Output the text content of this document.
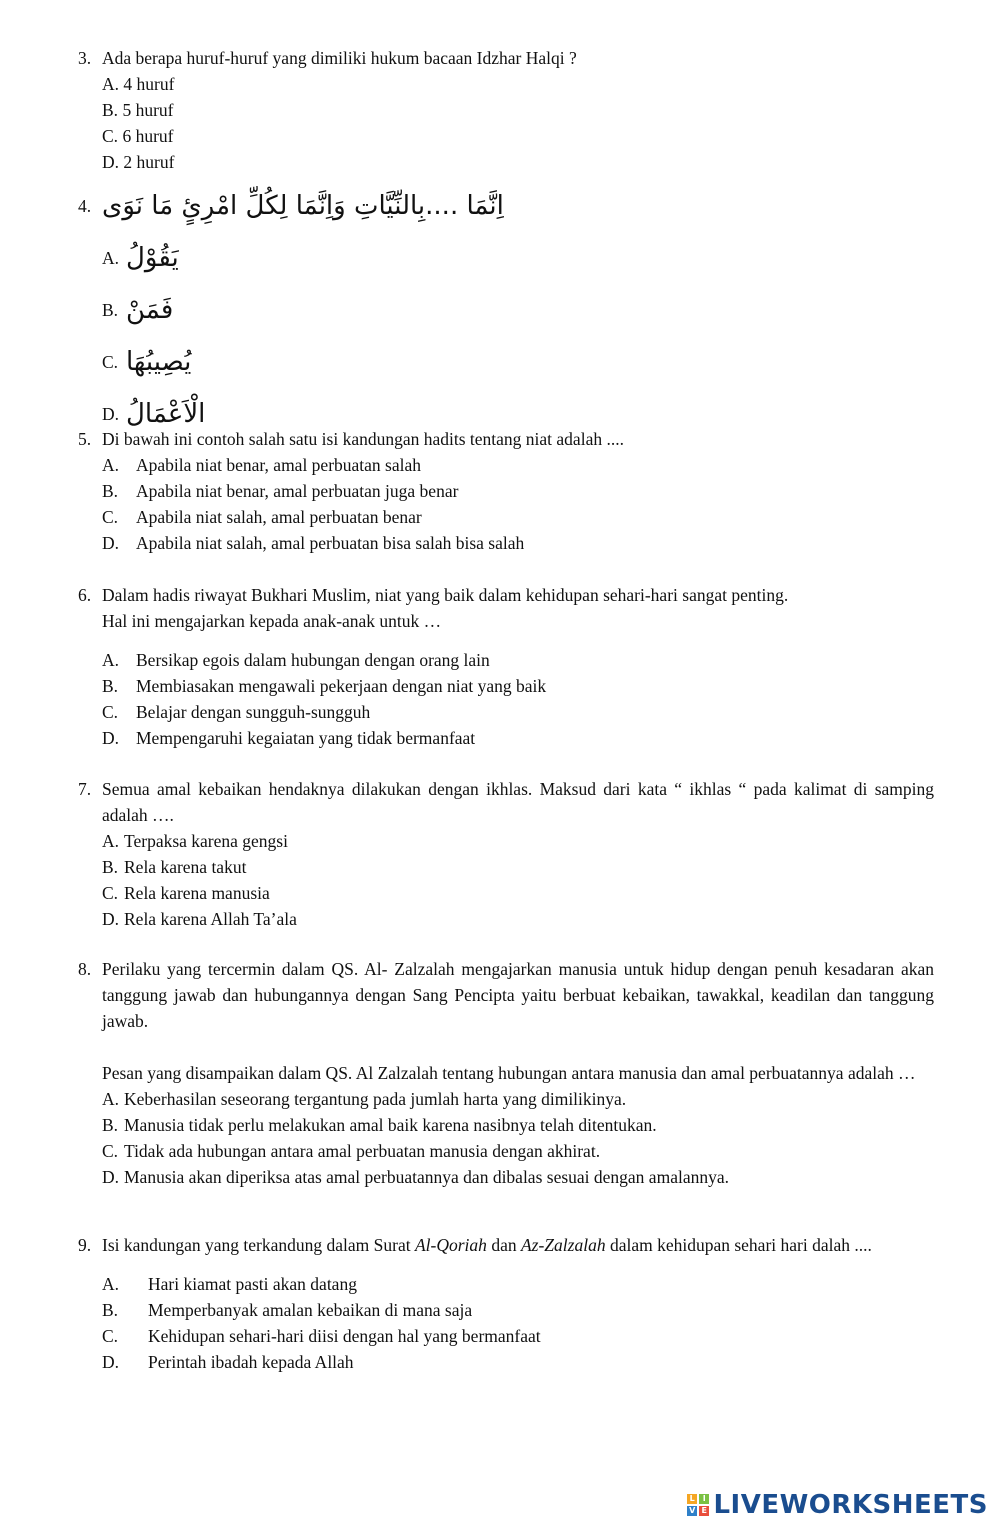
3. Ada berapa huruf-huruf yang dimiliki hukum bacaan Idzhar Halqi ?
A.
4 huruf
B.
5 huruf
C.
6 huruf
D.
2 huruf
4. اِنَّمَا ....بِالنِّيَّاتِ وَاِنَّمَا لِكُلِّ امْرِئٍ مَا نَوَى
A. يَقُوْلُ
B. فَمَنْ
C. يُصِيبُهَا
D. الْاَعْمَالُ
5. Di bawah ini contoh salah satu isi kandungan hadits tentang niat adalah ....
A. Apabila niat benar, amal perbuatan salah
B.	Apabila niat benar, amal perbuatan juga benar
C.	Apabila niat salah, amal perbuatan benar
D. Apabila niat salah, amal perbuatan bisa salah bisa salah
6. Dalam hadis riwayat Bukhari Muslim, niat yang baik dalam kehidupan sehari-hari sangat penting.
Hal ini mengajarkan kepada anak-anak untuk …
A. Bersikap egois dalam hubungan dengan orang lain
B.	Membiasakan mengawali pekerjaan dengan niat yang baik
C.	Belajar dengan sungguh-sungguh
D. Mempengaruhi kegaiatan yang tidak bermanfaat
7. Semua amal kebaikan hendaknya dilakukan dengan ikhlas. Maksud dari kata “ ikhlas “ pada kalimat di samping adalah ….
A. Terpaksa karena gengsi
B. Rela karena takut
C. Rela karena manusia
D. Rela karena Allah Ta’ala
8. Perilaku yang tercermin dalam QS. Al- Zalzalah mengajarkan manusia untuk hidup dengan penuh kesadaran akan tanggung jawab dan hubungannya dengan Sang Pencipta yaitu berbuat kebaikan, tawakkal, keadilan dan tanggung jawab.
Pesan yang disampaikan dalam QS. Al Zalzalah tentang hubungan antara manusia dan amal perbuatannya adalah …
A. Keberhasilan seseorang tergantung pada jumlah harta yang dimilikinya.
B. Manusia tidak perlu melakukan amal baik karena nasibnya telah ditentukan.
C. Tidak ada hubungan antara amal perbuatan manusia dengan akhirat.
D. Manusia akan diperiksa atas amal perbuatannya dan dibalas sesuai dengan amalannya.
9. Isi kandungan yang terkandung dalam Surat Al-Qoriah dan Az-Zalzalah dalam kehidupan sehari hari dalah ....
A.	Hari kiamat pasti akan datang
B.	Memperbanyak amalan kebaikan di mana saja
C.	Kehidupan sehari-hari diisi dengan hal yang bermanfaat
D.	Perintah ibadah kepada Allah
L I
V E LIVEWORKSHEETS
